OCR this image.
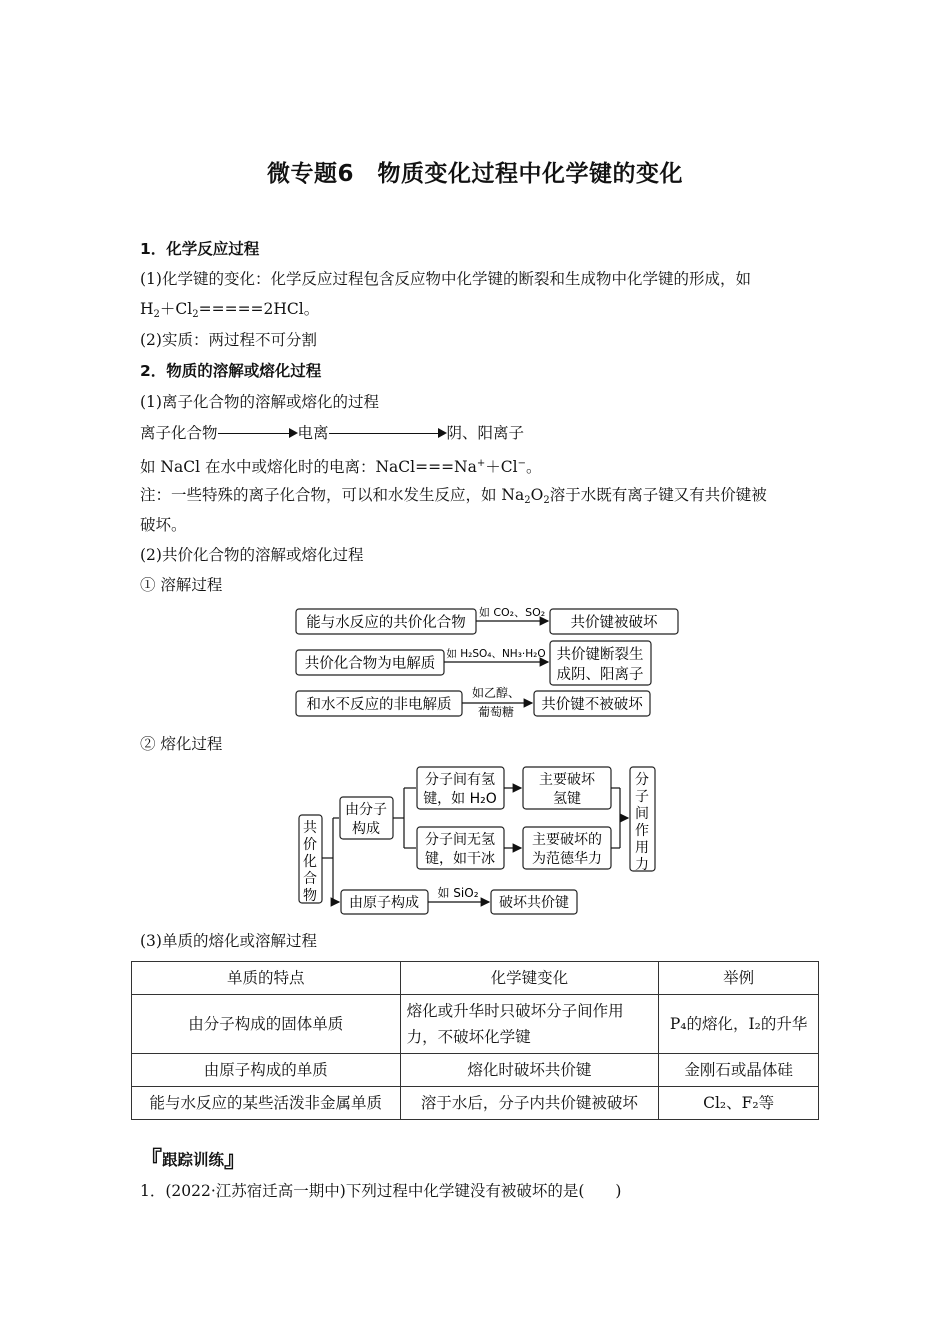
微专题6　物质变化过程中化学键的变化
1．化学反应过程
(1)化学键的变化：化学反应过程包含反应物中化学键的断裂和生成物中化学键的形成，如
$H_2+Cl_2=====2HCl$。
(2)实质：两过程不可分割
2．物质的溶解或熔化过程
(1)离子化合物的溶解或熔化的过程
离子化合物	电离	阴、阳离子
如 NaCl 在水中或熔化时的电离：NaCl===Na+＋Cl−。
注：一些特殊的离子化合物，可以和水发生反应，如 $Na_2O_2$溶于水既有离子键又有共价键被
破坏。
(2)共价化合物的溶解或熔化过程
① 溶解过程
能与水反应的共价化合物
如 CO₂、SO₂
共价键被破坏
共价化合物为电解质
如 H₂SO₄、NH₃·H₂O 共价键断裂生
成阴、阳离子
和水不反应的非电解质
如乙醇、
葡萄糖 共价键不被破坏
② 熔化过程
共
价
化
合
物
由分子
构成
分子间有氢
键，如 H₂O
主要破坏
氢键
分子间无氢
键，如干冰
主要破坏的
为范德华力
分
子
间
作
用
力
由原子构成
如 SiO₂
破坏共价键
(3)单质的熔化或溶解过程
单质的特点	化学键变化	举例
由分子构成的固体单质	熔化或升华时只破坏分子间作用力，不破坏化学键	P₄的熔化，I₂的升华
由原子构成的单质	熔化时破坏共价键	金刚石或晶体硅
能与水反应的某些活泼非金属单质	溶于水后，分子内共价键被破坏	Cl₂、F₂等
『跟踪训练』
1．(2022·江苏宿迁高一期中)下列过程中化学键没有被破坏的是(　　)
